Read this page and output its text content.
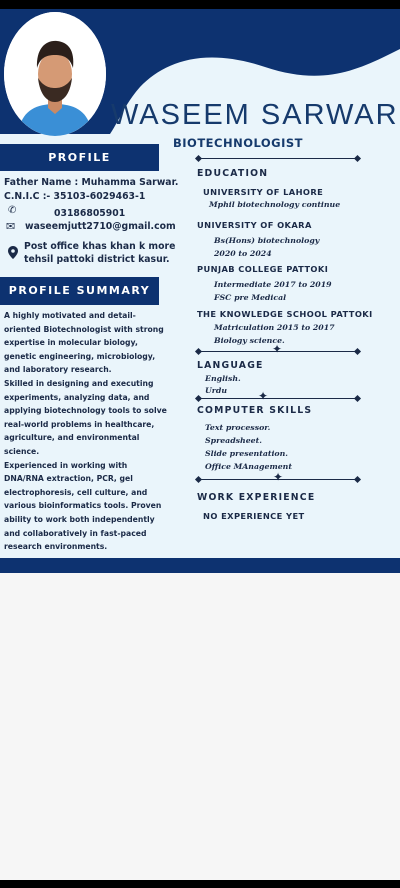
WASEEM SARWAR
BIOTECHNOLOGIST
PROFILE
Father Name : Muhamma Sarwar.
C.N.I.C :- 35103-6029463-1
✆	03186805901
✉ waseemjutt2710@gmail.com
Post office khas khan k more
tehsil pattoki district kasur.
PROFILE SUMMARY

A highly motivated and detail-

oriented Biotechnologist with strong

expertise in molecular biology,

genetic engineering, microbiology,

and laboratory research.

Skilled in designing and executing

experiments, analyzing data, and

applying biotechnology tools to solve

real-world problems in healthcare,

agriculture, and environmental

science.

Experienced in working with

DNA/RNA extraction, PCR, gel

electrophoresis, cell culture, and

various bioinformatics tools. Proven

ability to work both independently

and collaboratively in fast-paced

research environments.

EDUCATION
UNIVERSITY OF LAHORE
Mphil biotechnology continue
UNIVERSITY OF OKARA
Bs(Hons) biotechnology
2020 to 2024
PUNJAB COLLEGE PATTOKI
Intermediate 2017 to 2019
FSC pre Medical
THE KNOWLEDGE SCHOOL PATTOKI
Matriculation 2015 to 2017
Biology science.
✦
LANGUAGE
English.
Urdu	✦
COMPUTER SKILLS
Text processor.
Spreadsheet.
Slide presentation.
Office MAnagement
✦
WORK EXPERIENCE
NO EXPERIENCE YET
